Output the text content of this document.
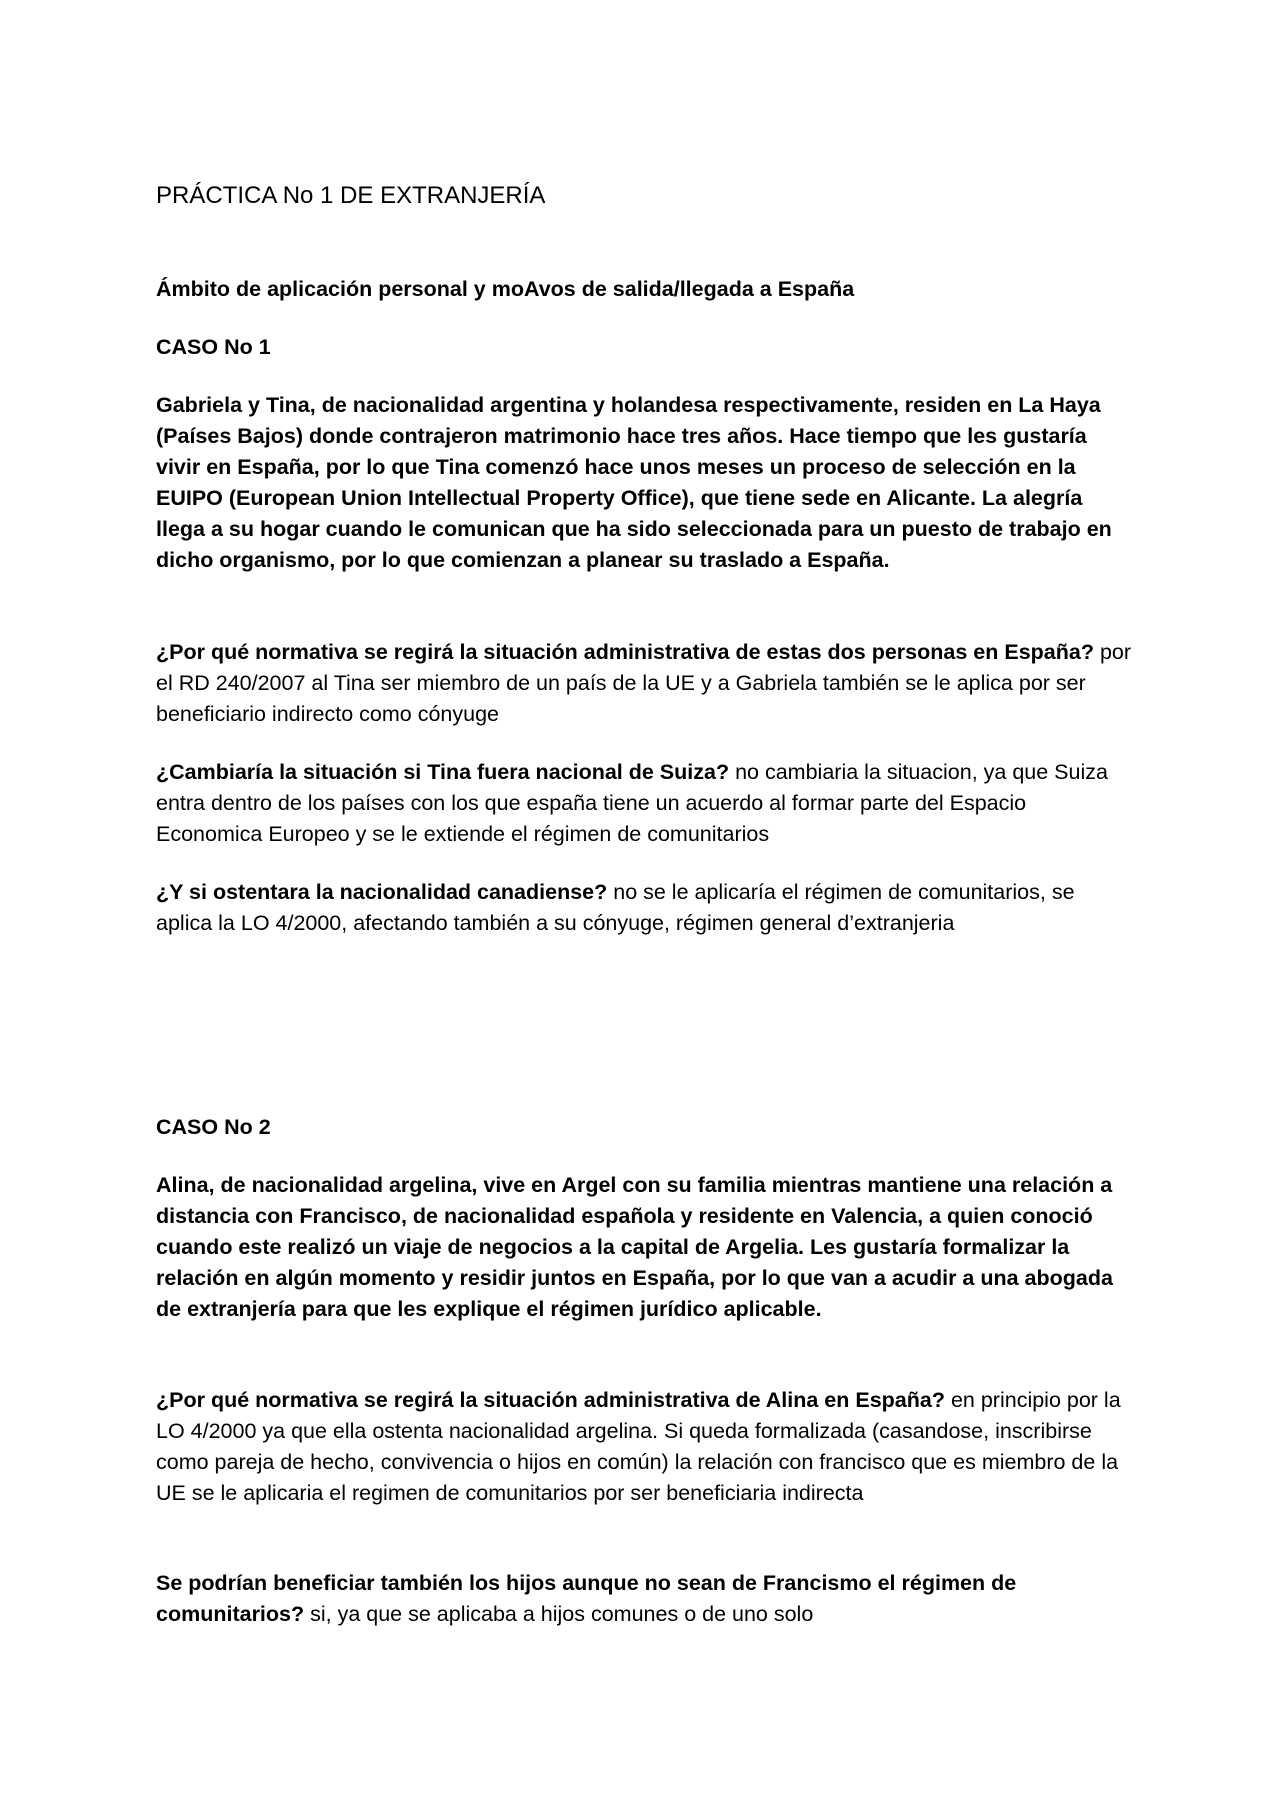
PRÁCTICA No 1 DE EXTRANJERÍA
Ámbito de aplicación personal y moAvos de salida/llegada a España
CASO No 1

Gabriela y Tina, de nacionalidad argentina y holandesa respectivamente, residen en La Haya (Países Bajos) donde contrajeron matrimonio hace tres años. Hace tiempo que les gustaría vivir en España, por lo que Tina comenzó hace unos meses un proceso de selección en la EUIPO (European Union Intellectual Property Office), que tiene sede en Alicante. La alegría llega a su hogar cuando le comunican que ha sido seleccionada para un puesto de trabajo en dicho organismo, por lo que comienzan a planear su traslado a España.

¿Por qué normativa se regirá la situación administrativa de estas dos personas en España? por el RD 240/2007 al Tina ser miembro de un país de la UE y a Gabriela también se le aplica por ser beneficiario indirecto como cónyuge

¿Cambiaría la situación si Tina fuera nacional de Suiza? no cambiaria la situacion, ya que Suiza entra dentro de los países con los que españa tiene un acuerdo al formar parte del Espacio Economica Europeo y se le extiende el régimen de comunitarios

¿Y si ostentara la nacionalidad canadiense? no se le aplicaría el régimen de comunitarios, se aplica la LO 4/2000, afectando también a su cónyuge, régimen general d’extranjeria

CASO No 2

Alina, de nacionalidad argelina, vive en Argel con su familia mientras mantiene una relación a distancia con Francisco, de nacionalidad española y residente en Valencia, a quien conoció cuando este realizó un viaje de negocios a la capital de Argelia. Les gustaría formalizar la relación en algún momento y residir juntos en España, por lo que van a acudir a una abogada de extranjería para que les explique el régimen jurídico aplicable.

¿Por qué normativa se regirá la situación administrativa de Alina en España? en principio por la LO 4/2000 ya que ella ostenta nacionalidad argelina. Si queda formalizada (casandose, inscribirse como pareja de hecho, convivencia o hijos en común) la relación con francisco que es miembro de la UE se le aplicaria el regimen de comunitarios por ser beneficiaria indirecta

Se podrían beneficiar también los hijos aunque no sean de Francismo el régimen de comunitarios? si, ya que se aplicaba a hijos comunes o de uno solo
